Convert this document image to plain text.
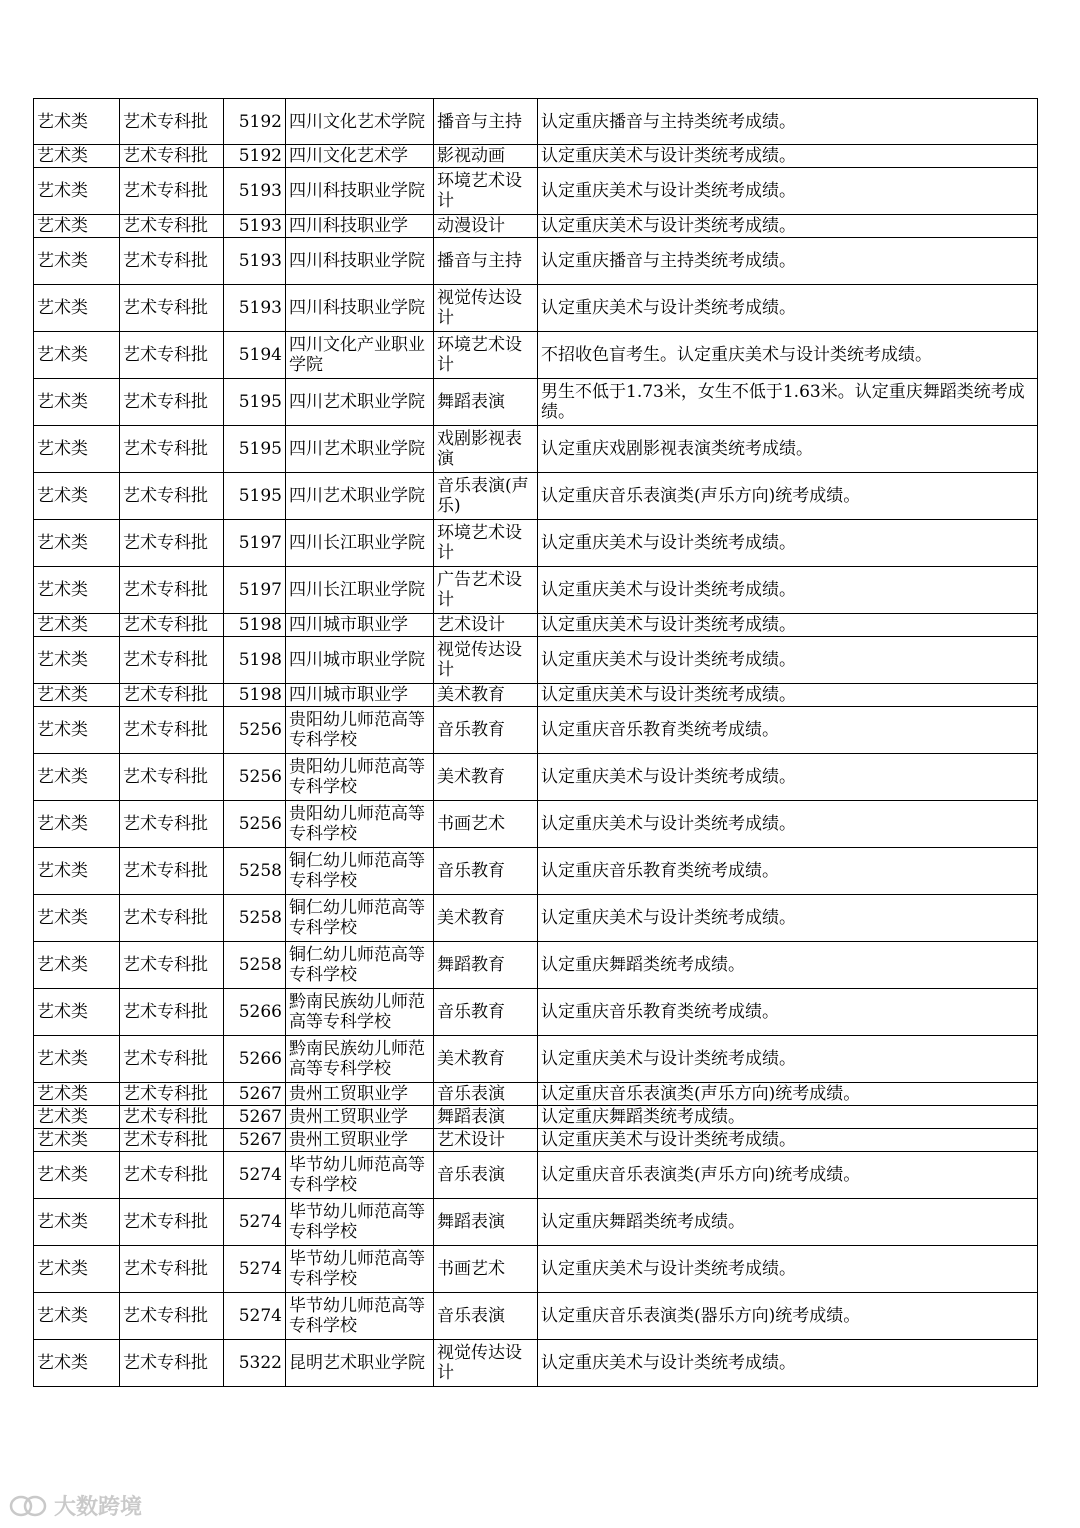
艺术类	艺术专科批	5192	四川文化艺术学院	播音与主持	认定重庆播音与主持类统考成绩。
艺术类	艺术专科批	5192	四川文化艺术学	影视动画	认定重庆美术与设计类统考成绩。
艺术类	艺术专科批	5193	四川科技职业学院	环境艺术设计	认定重庆美术与设计类统考成绩。
艺术类	艺术专科批	5193	四川科技职业学	动漫设计	认定重庆美术与设计类统考成绩。
艺术类	艺术专科批	5193	四川科技职业学院	播音与主持	认定重庆播音与主持类统考成绩。
艺术类	艺术专科批	5193	四川科技职业学院	视觉传达设计	认定重庆美术与设计类统考成绩。
艺术类	艺术专科批	5194	四川文化产业职业学院	环境艺术设计	不招收色盲考生。认定重庆美术与设计类统考成绩。
艺术类	艺术专科批	5195	四川艺术职业学院	舞蹈表演	男生不低于1.73米，女生不低于1.63米。认定重庆舞蹈类统考成绩。
艺术类	艺术专科批	5195	四川艺术职业学院	戏剧影视表演	认定重庆戏剧影视表演类统考成绩。
艺术类	艺术专科批	5195	四川艺术职业学院	音乐表演(声乐)	认定重庆音乐表演类(声乐方向)统考成绩。
艺术类	艺术专科批	5197	四川长江职业学院	环境艺术设计	认定重庆美术与设计类统考成绩。
艺术类	艺术专科批	5197	四川长江职业学院	广告艺术设计	认定重庆美术与设计类统考成绩。
艺术类	艺术专科批	5198	四川城市职业学	艺术设计	认定重庆美术与设计类统考成绩。
艺术类	艺术专科批	5198	四川城市职业学院	视觉传达设计	认定重庆美术与设计类统考成绩。
艺术类	艺术专科批	5198	四川城市职业学	美术教育	认定重庆美术与设计类统考成绩。
艺术类	艺术专科批	5256	贵阳幼儿师范高等专科学校	音乐教育	认定重庆音乐教育类统考成绩。
艺术类	艺术专科批	5256	贵阳幼儿师范高等专科学校	美术教育	认定重庆美术与设计类统考成绩。
艺术类	艺术专科批	5256	贵阳幼儿师范高等专科学校	书画艺术	认定重庆美术与设计类统考成绩。
艺术类	艺术专科批	5258	铜仁幼儿师范高等专科学校	音乐教育	认定重庆音乐教育类统考成绩。
艺术类	艺术专科批	5258	铜仁幼儿师范高等专科学校	美术教育	认定重庆美术与设计类统考成绩。
艺术类	艺术专科批	5258	铜仁幼儿师范高等专科学校	舞蹈教育	认定重庆舞蹈类统考成绩。
艺术类	艺术专科批	5266	黔南民族幼儿师范高等专科学校	音乐教育	认定重庆音乐教育类统考成绩。
艺术类	艺术专科批	5266	黔南民族幼儿师范高等专科学校	美术教育	认定重庆美术与设计类统考成绩。
艺术类	艺术专科批	5267	贵州工贸职业学	音乐表演	认定重庆音乐表演类(声乐方向)统考成绩。
艺术类	艺术专科批	5267	贵州工贸职业学	舞蹈表演	认定重庆舞蹈类统考成绩。
艺术类	艺术专科批	5267	贵州工贸职业学	艺术设计	认定重庆美术与设计类统考成绩。
艺术类	艺术专科批	5274	毕节幼儿师范高等专科学校	音乐表演	认定重庆音乐表演类(声乐方向)统考成绩。
艺术类	艺术专科批	5274	毕节幼儿师范高等专科学校	舞蹈表演	认定重庆舞蹈类统考成绩。
艺术类	艺术专科批	5274	毕节幼儿师范高等专科学校	书画艺术	认定重庆美术与设计类统考成绩。
艺术类	艺术专科批	5274	毕节幼儿师范高等专科学校	音乐表演	认定重庆音乐表演类(器乐方向)统考成绩。
艺术类	艺术专科批	5322	昆明艺术职业学院	视觉传达设计	认定重庆美术与设计类统考成绩。
大数跨境
